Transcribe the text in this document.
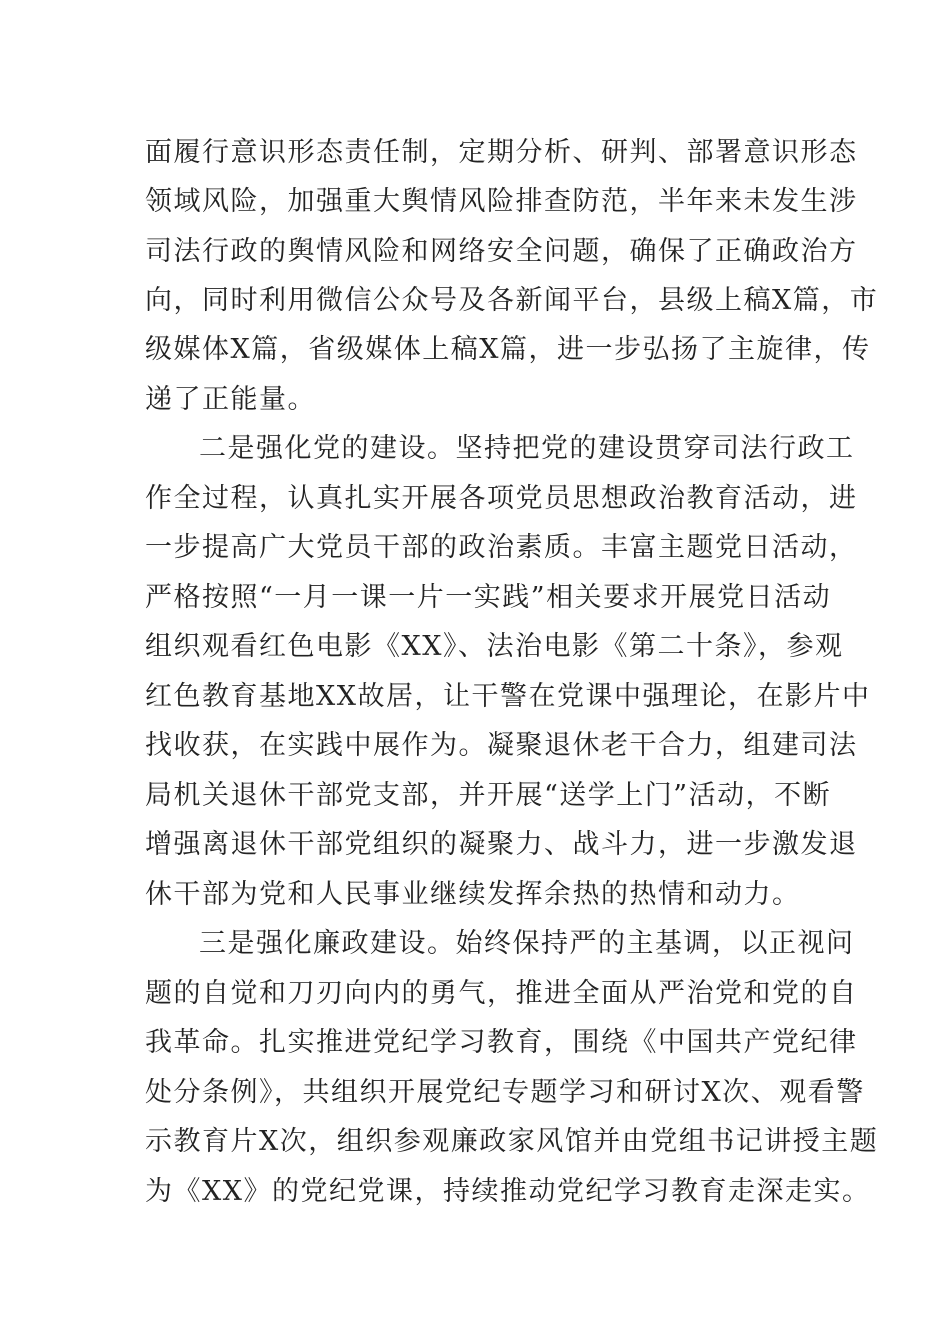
面履行意识形态责任制，定期分析、研判、部署意识形态
领域风险，加强重大舆情风险排查防范，半年来未发生涉
司法行政的舆情风险和网络安全问题，确保了正确政治方
向，同时利用微信公众号及各新闻平台，县级上稿X篇，市
级媒体X篇，省级媒体上稿X篇，进一步弘扬了主旋律，传
递了正能量。
二是强化党的建设。坚持把党的建设贯穿司法行政工
作全过程，认真扎实开展各项党员思想政治教育活动，进
一步提高广大党员干部的政治素质。丰富主题党日活动，
严格按照“一月一课一片一实践”相关要求开展党日活动
组织观看红色电影《XX》、法治电影《第二十条》，参观
红色教育基地XX故居，让干警在党课中强理论，在影片中
找收获，在实践中展作为。凝聚退休老干合力，组建司法
局机关退休干部党支部，并开展“送学上门”活动，不断
增强离退休干部党组织的凝聚力、战斗力，进一步激发退
休干部为党和人民事业继续发挥余热的热情和动力。
三是强化廉政建设。始终保持严的主基调，以正视问
题的自觉和刀刃向内的勇气，推进全面从严治党和党的自
我革命。扎实推进党纪学习教育，围绕《中国共产党纪律
处分条例》，共组织开展党纪专题学习和研讨X次、观看警
示教育片X次，组织参观廉政家风馆并由党组书记讲授主题
为《XX》的党纪党课，持续推动党纪学习教育走深走实。
